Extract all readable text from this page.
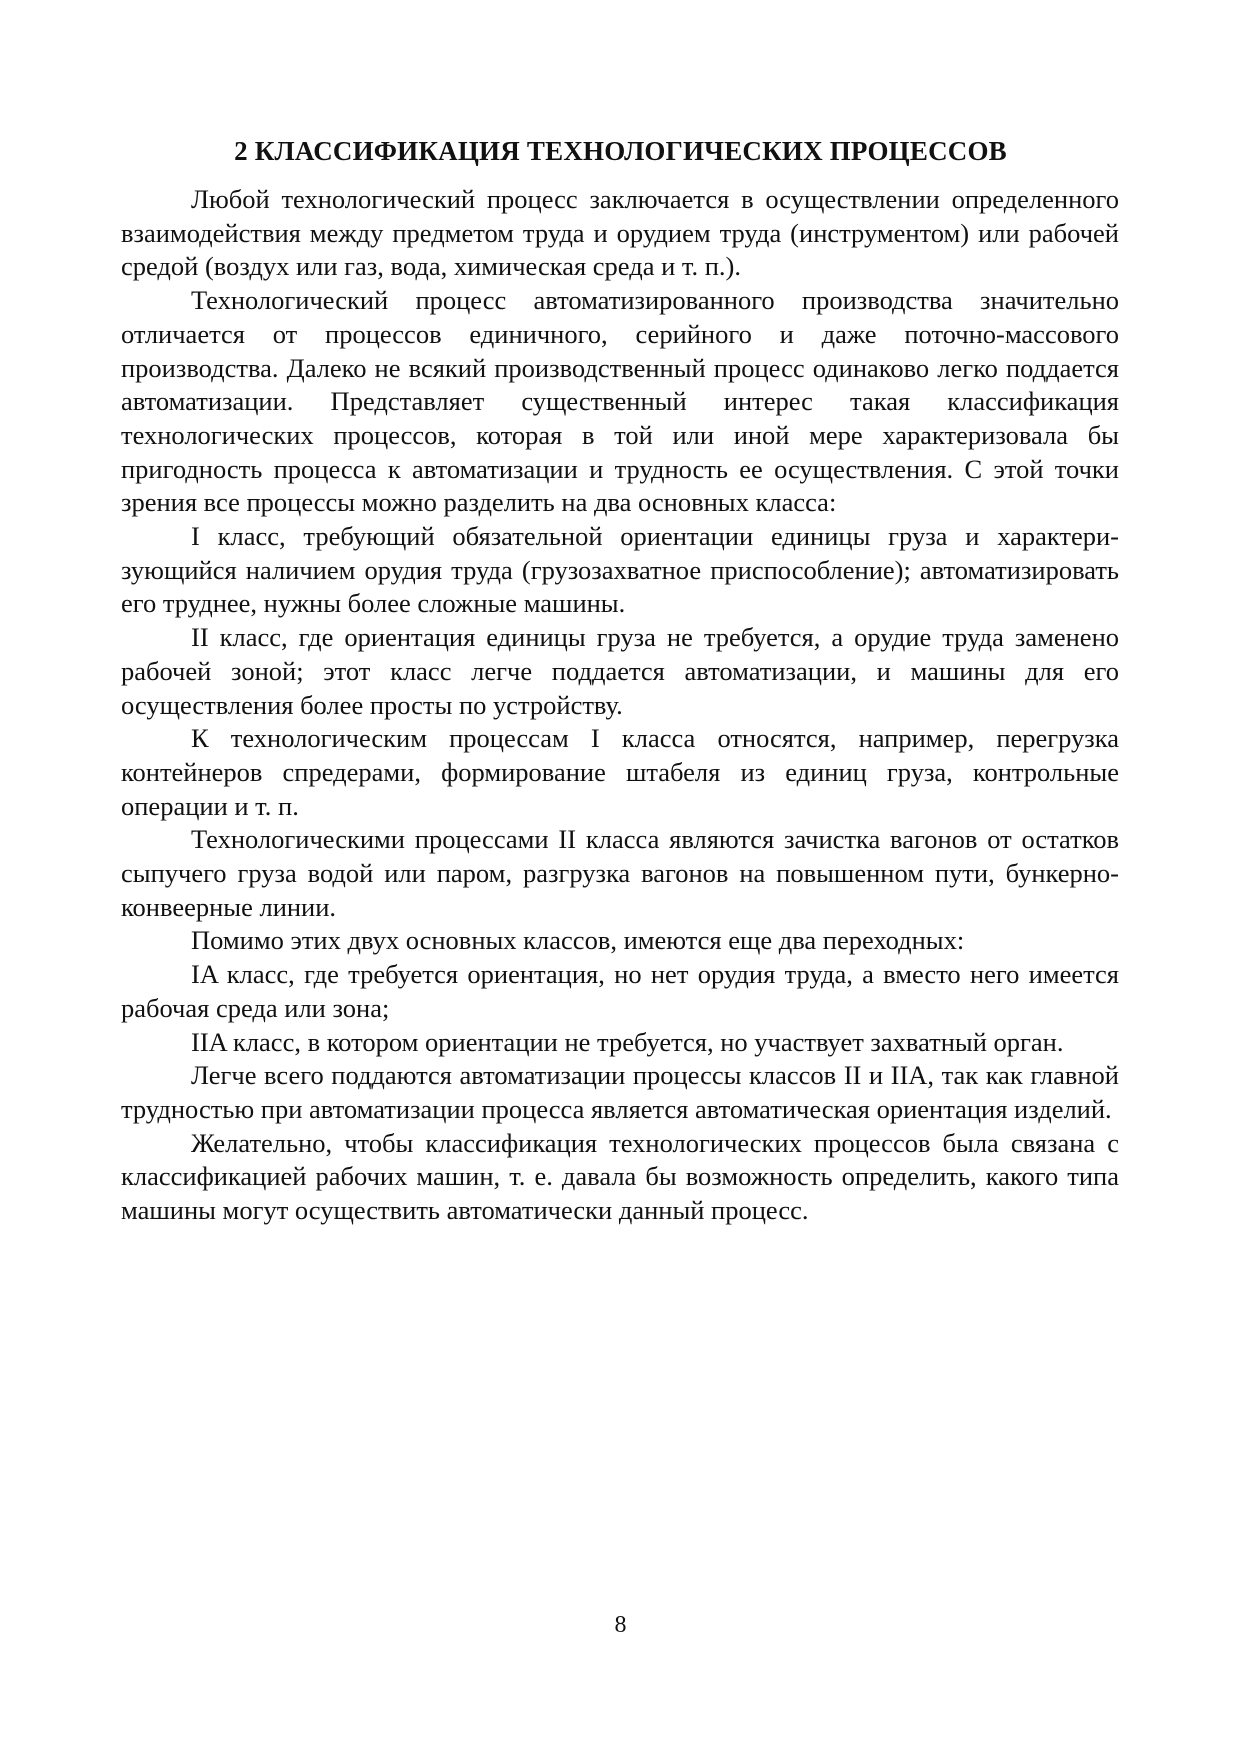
2 КЛАССИФИКАЦИЯ ТЕХНОЛОГИЧЕСКИХ ПРОЦЕССОВ

Любой технологический процесс заключается в осуществлении определенного взаимодействия между предметом труда и орудием труда (инструментом) или рабочей средой (воздух или газ, вода, химическая среда и т. п.).

Технологический процесс автоматизированного производства значительно отличается от процессов единичного, серийного и даже поточно-массового производства. Далеко не всякий производственный процесс одинаково легко поддается автоматизации. Представляет существенный интерес такая классификация технологических процессов, которая в той или иной мере характеризовала бы пригодность процесса к автоматизации и трудность ее осуществления. С этой точки зрения все процессы можно разделить на два основных класса:

I класс, требующий обязательной ориентации единицы груза и характеризующийся наличием орудия труда (грузозахватное приспособление); автоматизировать его труднее, нужны более сложные машины.

II класс, где ориентация единицы груза не требуется, а орудие труда заменено рабочей зоной; этот класс легче поддается автоматизации, и машины для его осуществления более просты по устройству.

К технологическим процессам I класса относятся, например, перегрузка контейнеров спредерами, формирование штабеля из единиц груза, контрольные операции и т. п.

Технологическими процессами II класса являются зачистка вагонов от остатков сыпучего груза водой или паром, разгрузка вагонов на повышенном пути, бункерно-конвеерные линии.

Помимо этих двух основных классов, имеются еще два переходных:

IA класс, где требуется ориентация, но нет орудия труда, а вместо него имеется рабочая среда или зона;

IIA класс, в котором ориентации не требуется, но участвует захватный орган.

Легче всего поддаются автоматизации процессы классов II и IIA, так как главной трудностью при автоматизации процесса является автоматическая ориентация изделий.

Желательно, чтобы классификация технологических процессов была связана с классификацией рабочих машин, т. е. давала бы возможность определить, какого типа машины могут осуществить автоматически данный процесс.

8
